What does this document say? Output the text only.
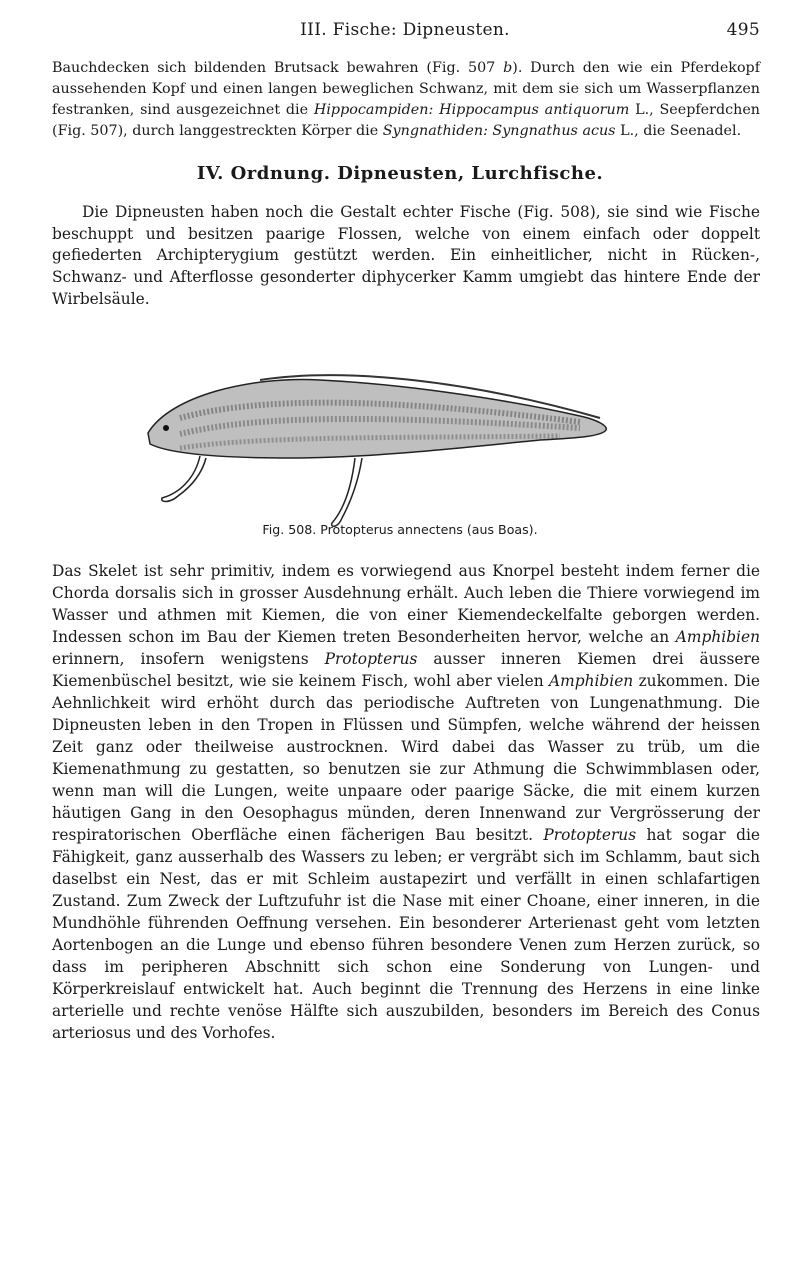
III. Fische: Dipneusten.	495

Bauchdecken sich bildenden Brutsack bewahren (Fig. 507 b). Durch den wie ein Pferdekopf aussehenden Kopf und einen langen beweglichen Schwanz, mit dem sie sich um Wasserpflanzen festranken, sind ausgezeichnet die Hippocampiden: Hippocampus antiquorum L., Seepferdchen (Fig. 507), durch langgestreckten Körper die Syngnathiden: Syngnathus acus L., die Seenadel.

IV. Ordnung. Dipneusten, Lurchfische.

Die Dipneusten haben noch die Gestalt echter Fische (Fig. 508), sie sind wie Fische beschuppt und besitzen paarige Flossen, welche von einem einfach oder doppelt gefiederten Archipterygium gestützt werden. Ein einheitlicher, nicht in Rücken-, Schwanz- und Afterflosse gesonderter diphycerker Kamm umgiebt das hintere Ende der Wirbelsäule.

Fig. 508. Protopterus annectens (aus Boas).

Das Skelet ist sehr primitiv, indem es vorwiegend aus Knorpel besteht indem ferner die Chorda dorsalis sich in grosser Ausdehnung erhält. Auch leben die Thiere vorwiegend im Wasser und athmen mit Kiemen, die von einer Kiemendeckelfalte geborgen werden. Indessen schon im Bau der Kiemen treten Besonderheiten hervor, welche an Amphibien erinnern, insofern wenigstens Protopterus ausser inneren Kiemen drei äussere Kiemenbüschel besitzt, wie sie keinem Fisch, wohl aber vielen Amphibien zukommen. Die Aehnlichkeit wird erhöht durch das periodische Auftreten von Lungenathmung. Die Dipneusten leben in den Tropen in Flüssen und Sümpfen, welche während der heissen Zeit ganz oder theilweise austrocknen. Wird dabei das Wasser zu trüb, um die Kiemenathmung zu gestatten, so benutzen sie zur Athmung die Schwimmblasen oder, wenn man will die Lungen, weite unpaare oder paarige Säcke, die mit einem kurzen häutigen Gang in den Oesophagus münden, deren Innenwand zur Vergrösserung der respiratorischen Oberfläche einen fächerigen Bau besitzt. Protopterus hat sogar die Fähigkeit, ganz ausserhalb des Wassers zu leben; er vergräbt sich im Schlamm, baut sich daselbst ein Nest, das er mit Schleim austapezirt und verfällt in einen schlafartigen Zustand. Zum Zweck der Luftzufuhr ist die Nase mit einer Choane, einer inneren, in die Mundhöhle führenden Oeffnung versehen. Ein besonderer Arterienast geht vom letzten Aortenbogen an die Lunge und ebenso führen besondere Venen zum Herzen zurück, so dass im peripheren Abschnitt sich schon eine Sonderung von Lungen- und Körperkreislauf entwickelt hat. Auch beginnt die Trennung des Herzens in eine linke arterielle und rechte venöse Hälfte sich auszubilden, besonders im Bereich des Conus arteriosus und des Vorhofes.
